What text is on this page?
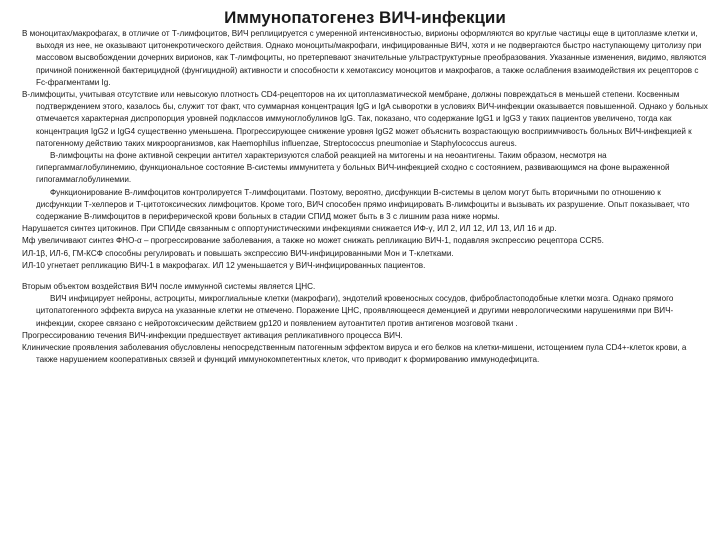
Иммунопатогенез ВИЧ-инфекции

В моноцитах/макрофагах, в отличие от Т-лимфоцитов, ВИЧ реплицируется с умеренной интенсивностью, вирионы оформляются во круглые частицы еще в цитоплазме клетки и, выходя из нее, не оказывают цитонекротического действия. Однако моноциты/макрофаги, инфицированные ВИЧ, хотя и не подвергаются быстро наступающему цитолизу при массовом высвобождении дочерних вирионов, как Т-лимфоциты, но претерпевают значительные ультраструктурные преобразования. Указанные изменения, видимо, являются причиной пониженной бактерицидной (фунгицидной) активности и способности к хемотаксису моноцитов и макрофагов, а также ослабления взаимодействия их рецепторов с Fc-фрагментами Ig.

В-лимфоциты, учитывая отсутствие или невысокую плотность CD4-рецепторов на их цитоплазматической мембране, должны повреждаться в меньшей степени. Косвенным подтверждением этого, казалось бы, служит тот факт, что суммарная концентрация IgG и IgA сыворотки в условиях ВИЧ-инфекции оказывается повышенной. Однако у больных отмечается характерная диспропорция уровней подклассов иммуноглобулинов IgG. Так, показано, что содержание IgG1 и IgG3 у таких пациентов увеличено, тогда как концентрация IgG2 и IgG4 существенно уменьшена. Прогрессирующее снижение уровня IgG2 может объяснить возрастающую восприимчивость больных ВИЧ-инфекцией к патогенному действию таких микроорганизмов, как Haemophilus influenzae, Streptococcus pneumoniae и Staphylococcus aureus.

В-лимфоциты на фоне активной секреции антител характеризуются слабой реакцией на митогены и на неоантигены. Таким образом, несмотря на гипергаммаглобулинемию, функциональное состояние В-системы иммунитета у больных ВИЧ-инфекцией сходно с состоянием, развивающимся на фоне выраженной гипогаммаглобулинемии.

Функционирование В-лимфоцитов контролируется Т-лимфоцитами. Поэтому, вероятно, дисфункции В-системы в целом могут быть вторичными по отношению к дисфункции Т-хелперов и Т-цитотоксических лимфоцитов. Кроме того, ВИЧ способен прямо инфицировать В-лимфоциты и вызывать их разрушение. Опыт показывает, что содержание В-лимфоцитов в периферической крови больных в стадии СПИД может быть в 3 с лишним раза ниже нормы.

Нарушается синтез цитокинов. При СПИДе связанным с оппортунистическими инфекциями снижается ИФ-γ, ИЛ 2, ИЛ 12, ИЛ 13, ИЛ 16 и др.

Мф увеличивают синтез ФНО-α – прогрессирование заболевания, а также но может снижать репликацию ВИЧ-1, подавляя экспрессию рецептора CCR5.

ИЛ-1β, ИЛ-6, ГМ-КСФ способны регулировать и повышать экспрессию ВИЧ-инфицированными Мон и Т-клетками.

ИЛ-10 угнетает репликацию ВИЧ-1 в макрофагах. ИЛ 12 уменьшается у ВИЧ-инфицированных пациентов.

Вторым объектом воздействия ВИЧ после иммунной системы является ЦНС.

ВИЧ инфицирует нейроны, астроциты, микроглиальные клетки (макрофаги), эндотелий кровеносных сосудов, фибробластоподобные клетки мозга. Однако прямого цитопатогенного эффекта вируса на указанные клетки не отмечено. Поражение ЦНС, проявляющееся деменцией и другими неврологическими нарушениями при ВИЧ-инфекции, скорее связано с нейротоксическим действием gp120 и появлением аутоантител против антигенов мозговой ткани .

Прогрессированию течения ВИЧ-инфекции предшествует активация репликативного процесса ВИЧ.

Клинические проявления заболевания обусловлены непосредственным патогенным эффектом вируса и его белков на клетки-мишени, истощением пула CD4+-клеток крови, а также нарушением кооперативных связей и функций иммунокомпетентных клеток, что приводит к формированию иммунодефицита.
